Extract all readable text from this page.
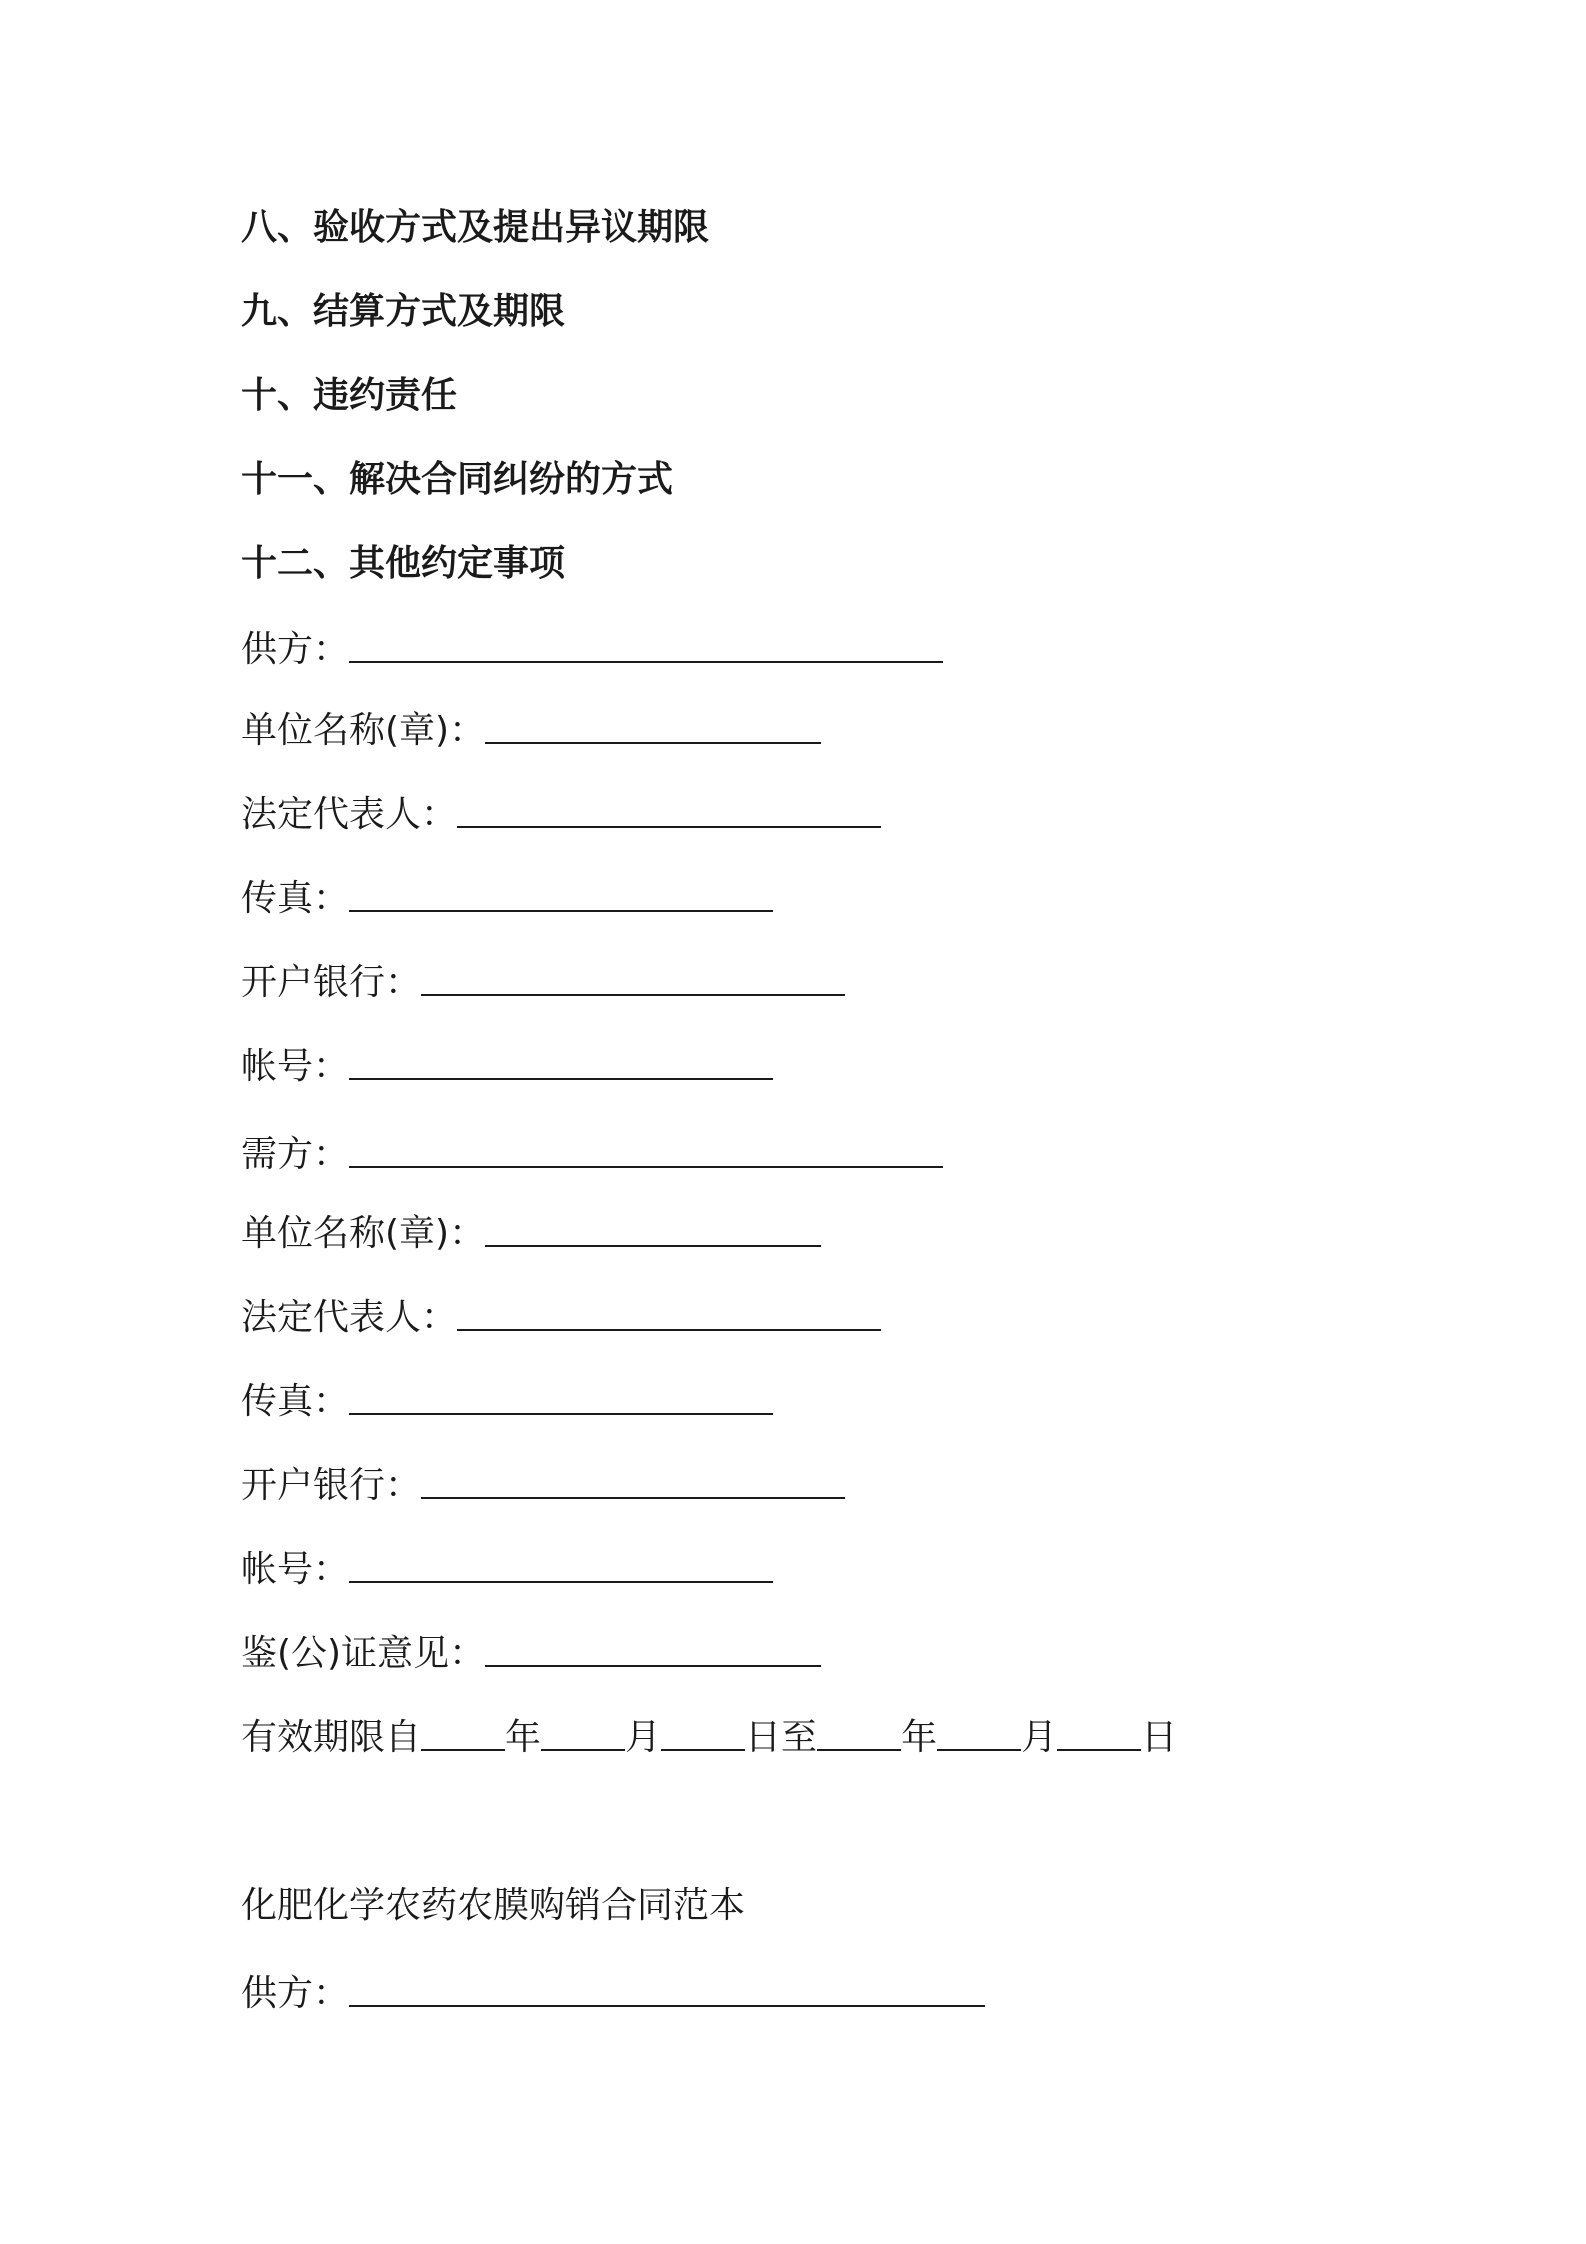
八、验收方式及提出异议期限
九、结算方式及期限
十、违约责任
十一、解决合同纠纷的方式
十二、其他约定事项
供方：
单位名称(章)：
法定代表人：
传真：
开户银行：
帐号：
需方：
单位名称(章)：
法定代表人：
传真：
开户银行：
帐号：
鉴(公)证意见：
有效期限自 年 月 日至 年 月 日
化肥化学农药农膜购销合同范本
供方：
